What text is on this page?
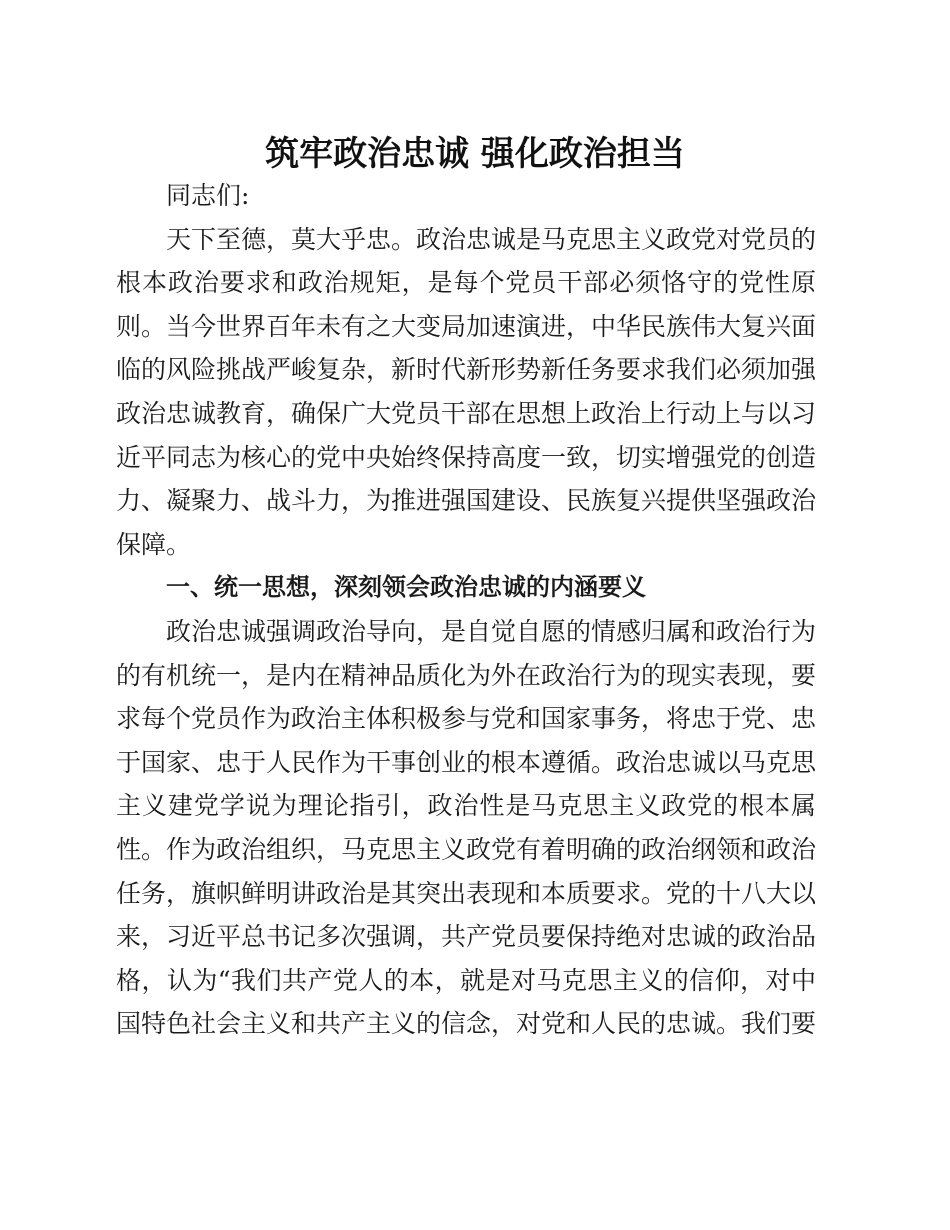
筑牢政治忠诚 强化政治担当
同志们:
天下至德，莫大乎忠。政治忠诚是马克思主义政党对党员的
根本政治要求和政治规矩，是每个党员干部必须恪守的党性原
则。当今世界百年未有之大变局加速演进，中华民族伟大复兴面
临的风险挑战严峻复杂，新时代新形势新任务要求我们必须加强
政治忠诚教育，确保广大党员干部在思想上政治上行动上与以习
近平同志为核心的党中央始终保持高度一致，切实增强党的创造
力、凝聚力、战斗力，为推进强国建设、民族复兴提供坚强政治
保障。
一、统一思想，深刻领会政治忠诚的内涵要义
政治忠诚强调政治导向，是自觉自愿的情感归属和政治行为
的有机统一，是内在精神品质化为外在政治行为的现实表现，要
求每个党员作为政治主体积极参与党和国家事务，将忠于党、忠
于国家、忠于人民作为干事创业的根本遵循。政治忠诚以马克思
主义建党学说为理论指引，政治性是马克思主义政党的根本属
性。作为政治组织，马克思主义政党有着明确的政治纲领和政治
任务，旗帜鲜明讲政治是其突出表现和本质要求。党的十八大以
来，习近平总书记多次强调，共产党员要保持绝对忠诚的政治品
格，认为“我们共产党人的本，就是对马克思主义的信仰，对中
国特色社会主义和共产主义的信念，对党和人民的忠诚。我们要
